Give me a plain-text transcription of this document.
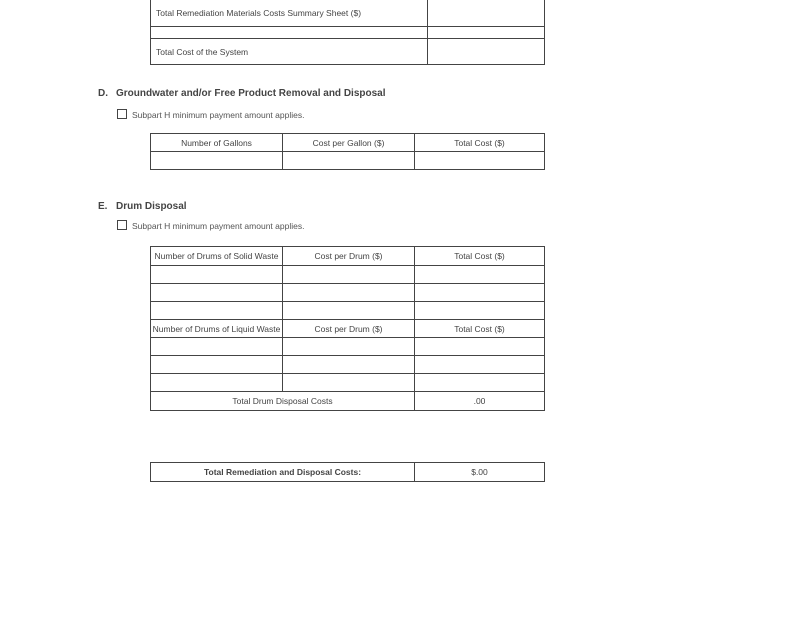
Total Remediation Materials Costs Summary Sheet ($)	

Total Cost of the System	
D. Groundwater and/or Free Product Removal and Disposal
Subpart H minimum payment amount applies.
Number of Gallons	Cost per Gallon ($)	Total Cost ($)

E. Drum Disposal
Subpart H minimum payment amount applies.
Number of Drums of Solid Waste	Cost per Drum ($)	Total Cost ($)

Number of Drums of Liquid Waste	Cost per Drum ($)	Total Cost ($)

Total Drum Disposal Costs		.00
Total Remediation and Disposal Costs:	$.00
